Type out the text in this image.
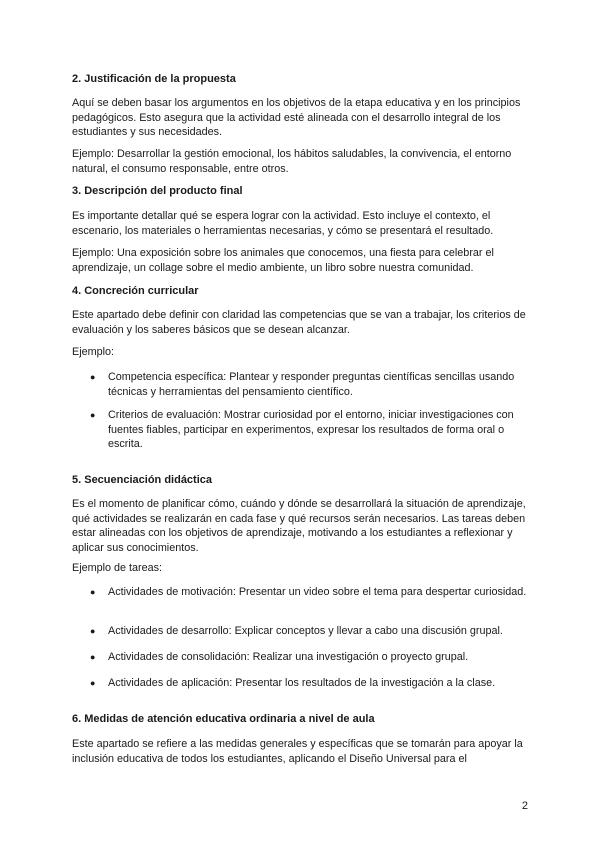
2. Justificación de la propuesta

Aquí se deben basar los argumentos en los objetivos de la etapa educativa y en los principios pedagógicos. Esto asegura que la actividad esté alineada con el desarrollo integral de los estudiantes y sus necesidades.

Ejemplo: Desarrollar la gestión emocional, los hábitos saludables, la convivencia, el entorno natural, el consumo responsable, entre otros.

3. Descripción del producto final

Es importante detallar qué se espera lograr con la actividad. Esto incluye el contexto, el escenario, los materiales o herramientas necesarias, y cómo se presentará el resultado.

Ejemplo: Una exposición sobre los animales que conocemos, una fiesta para celebrar el aprendizaje, un collage sobre el medio ambiente, un libro sobre nuestra comunidad.

4. Concreción curricular

Este apartado debe definir con claridad las competencias que se van a trabajar, los criterios de evaluación y los saberes básicos que se desean alcanzar.

Ejemplo:

● Competencia específica: Plantear y responder preguntas científicas sencillas usando técnicas y herramientas del pensamiento científico.

● Criterios de evaluación: Mostrar curiosidad por el entorno, iniciar investigaciones con fuentes fiables, participar en experimentos, expresar los resultados de forma oral o escrita.

5. Secuenciación didáctica

Es el momento de planificar cómo, cuándo y dónde se desarrollará la situación de aprendizaje, qué actividades se realizarán en cada fase y qué recursos serán necesarios. Las tareas deben estar alineadas con los objetivos de aprendizaje, motivando a los estudiantes a reflexionar y aplicar sus conocimientos.

Ejemplo de tareas:

● Actividades de motivación: Presentar un video sobre el tema para despertar curiosidad.

● Actividades de desarrollo: Explicar conceptos y llevar a cabo una discusión grupal.

● Actividades de consolidación: Realizar una investigación o proyecto grupal.

● Actividades de aplicación: Presentar los resultados de la investigación a la clase.

6. Medidas de atención educativa ordinaria a nivel de aula

Este apartado se refiere a las medidas generales y específicas que se tomarán para apoyar la inclusión educativa de todos los estudiantes, aplicando el Diseño Universal para el

2
